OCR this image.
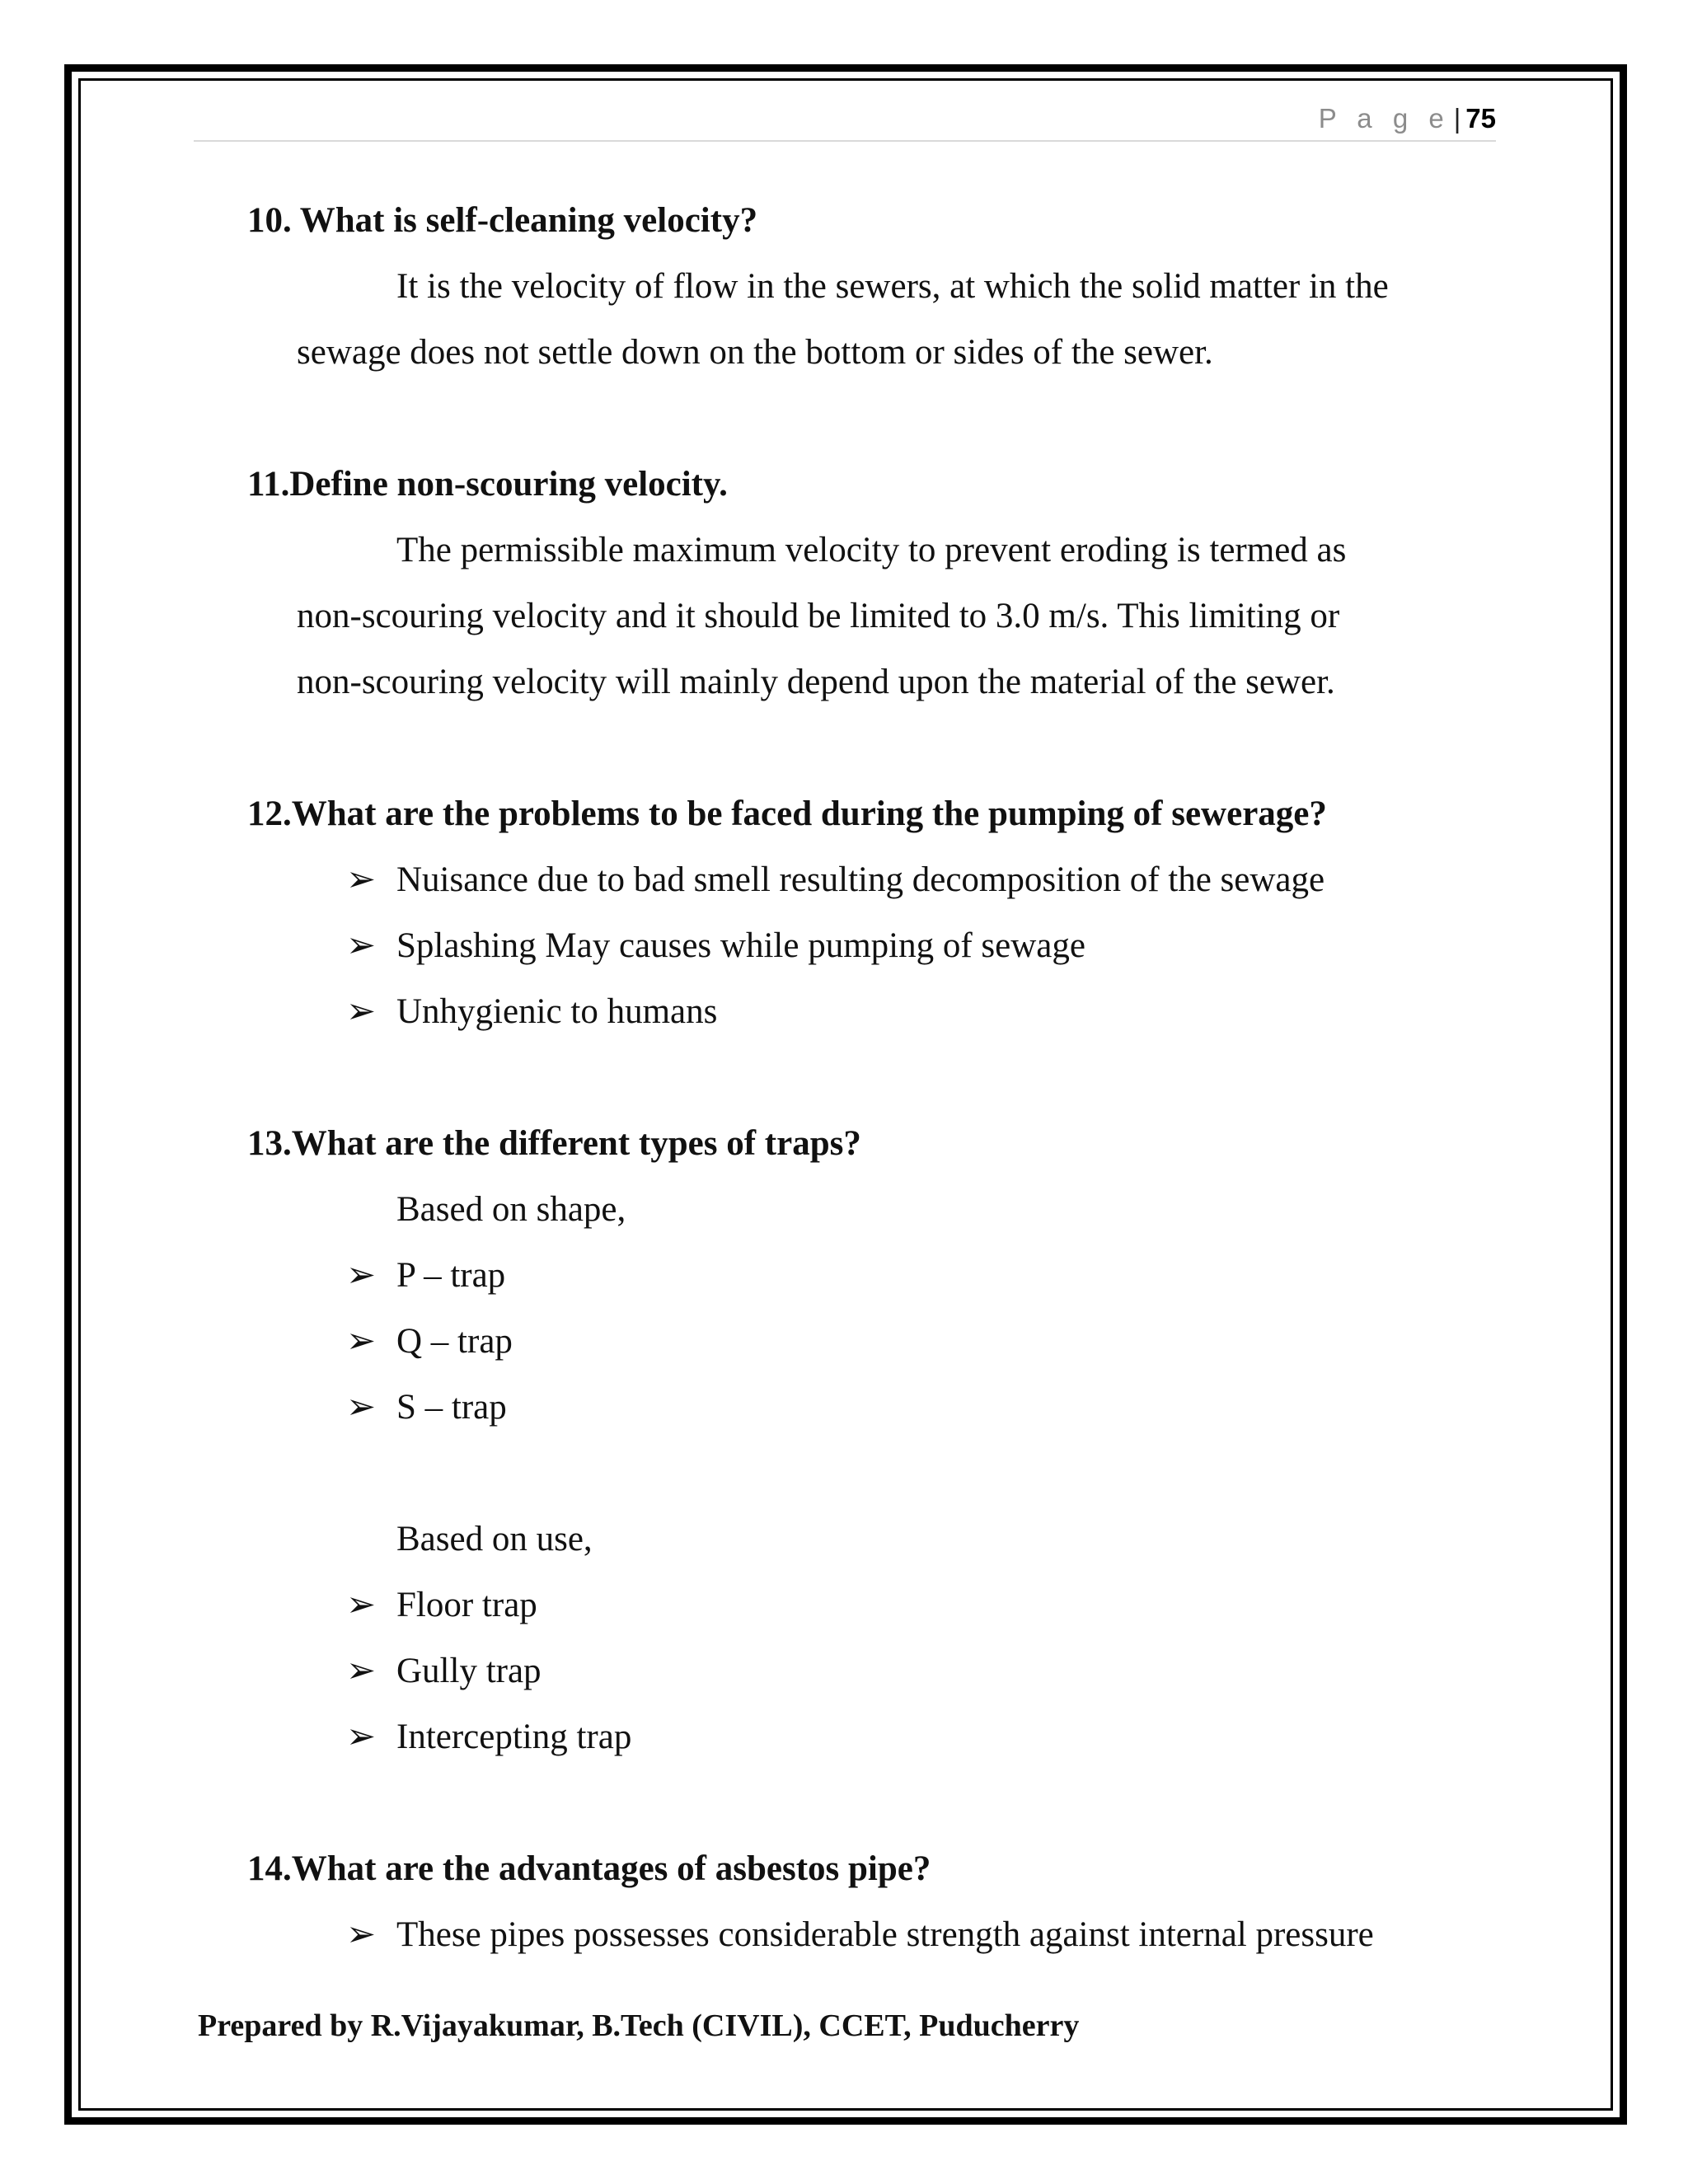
P a g e | 75
10. What is self-cleaning velocity?
It is the velocity of flow in the sewers, at which the solid matter in the
sewage does not settle down on the bottom or sides of the sewer.
11.Define non-scouring velocity.
The permissible maximum velocity to prevent eroding is termed as
non-scouring velocity and it should be limited to 3.0 m/s. This limiting or
non-scouring velocity will mainly depend upon the material of the sewer.
12.What are the problems to be faced during the pumping of sewerage?
➢ Nuisance due to bad smell resulting decomposition of the sewage
➢ Splashing May causes while pumping of sewage
➢ Unhygienic to humans
13.What are the different types of traps?
Based on shape,
➢ P – trap
➢ Q – trap
➢ S – trap
Based on use,
➢ Floor trap
➢ Gully trap
➢ Intercepting trap
14.What are the advantages of asbestos pipe?
➢ These pipes possesses considerable strength against internal pressure
Prepared by R.Vijayakumar, B.Tech (CIVIL), CCET, Puducherry
